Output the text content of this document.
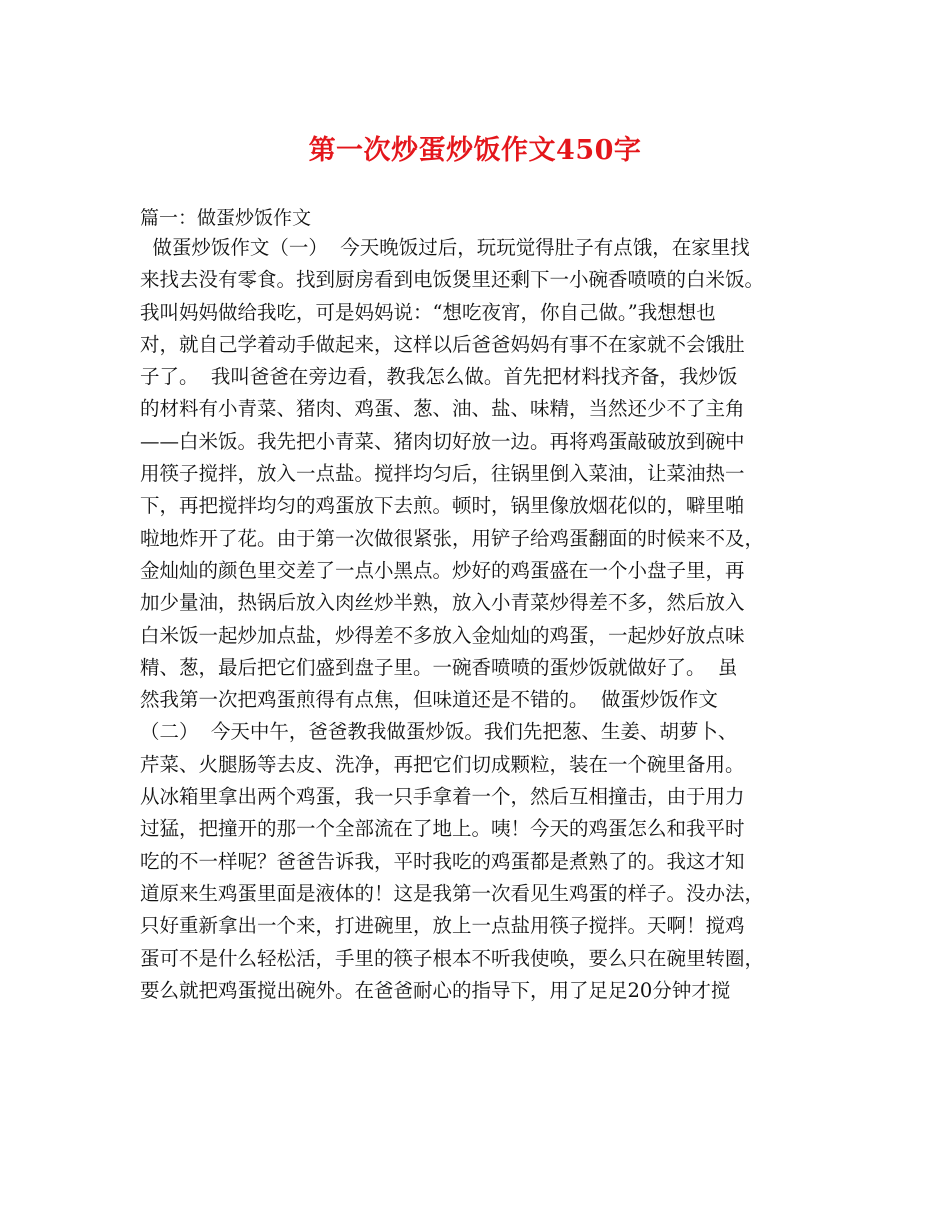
第一次炒蛋炒饭作文450字

篇一：做蛋炒饭作文

做蛋炒饭作文（一）  今天晚饭过后，玩玩觉得肚子有点饿，在家里找
来找去没有零食。找到厨房看到电饭煲里还剩下一小碗香喷喷的白米饭。
我叫妈妈做给我吃，可是妈妈说：“想吃夜宵，你自己做。”我想想也
对，就自己学着动手做起来，这样以后爸爸妈妈有事不在家就不会饿肚
子了。  我叫爸爸在旁边看，教我怎么做。首先把材料找齐备，我炒饭
的材料有小青菜、猪肉、鸡蛋、葱、油、盐、味精，当然还少不了主角
——白米饭。我先把小青菜、猪肉切好放一边。再将鸡蛋敲破放到碗中
用筷子搅拌，放入一点盐。搅拌均匀后，往锅里倒入菜油，让菜油热一
下，再把搅拌均匀的鸡蛋放下去煎。顿时，锅里像放烟花似的，噼里啪
啦地炸开了花。由于第一次做很紧张，用铲子给鸡蛋翻面的时候来不及，
金灿灿的颜色里交差了一点小黑点。炒好的鸡蛋盛在一个小盘子里，再
加少量油，热锅后放入肉丝炒半熟，放入小青菜炒得差不多，然后放入
白米饭一起炒加点盐，炒得差不多放入金灿灿的鸡蛋，一起炒好放点味
精、葱，最后把它们盛到盘子里。一碗香喷喷的蛋炒饭就做好了。  虽
然我第一次把鸡蛋煎得有点焦，但味道还是不错的。  做蛋炒饭作文
（二）  今天中午，爸爸教我做蛋炒饭。我们先把葱、生姜、胡萝卜、
芹菜、火腿肠等去皮、洗净，再把它们切成颗粒，装在一个碗里备用。
从冰箱里拿出两个鸡蛋，我一只手拿着一个，然后互相撞击，由于用力
过猛，把撞开的那一个全部流在了地上。咦！今天的鸡蛋怎么和我平时
吃的不一样呢？爸爸告诉我，平时我吃的鸡蛋都是煮熟了的。我这才知
道原来生鸡蛋里面是液体的！这是我第一次看见生鸡蛋的样子。没办法，
只好重新拿出一个来，打进碗里，放上一点盐用筷子搅拌。天啊！搅鸡
蛋可不是什么轻松活，手里的筷子根本不听我使唤，要么只在碗里转圈，
要么就把鸡蛋搅出碗外。在爸爸耐心的指导下，用了足足20分钟才搅
